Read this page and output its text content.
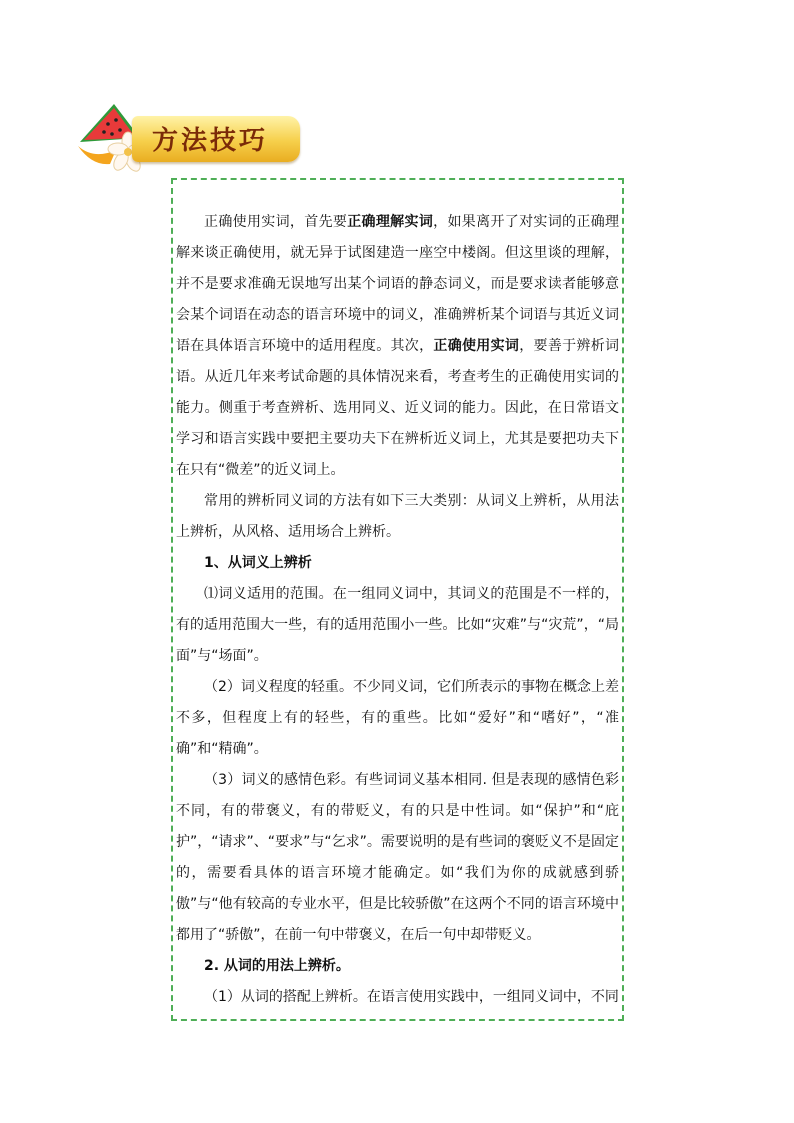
方法技巧

正确使用实词，首先要正确理解实词，如果离开了对实词的正确理解来谈正确使用，就无异于试图建造一座空中楼阁。但这里谈的理解，并不是要求准确无误地写出某个词语的静态词义，而是要求读者能够意会某个词语在动态的语言环境中的词义，准确辨析某个词语与其近义词语在具体语言环境中的适用程度。其次，正确使用实词，要善于辨析词语。从近几年来考试命题的具体情况来看，考查考生的正确使用实词的能力。侧重于考查辨析、选用同义、近义词的能力。因此，在日常语文学习和语言实践中要把主要功夫下在辨析近义词上，尤其是要把功夫下在只有“微差”的近义词上。

常用的辨析同义词的方法有如下三大类别：从词义上辨析，从用法上辨析，从风格、适用场合上辨析。

1、从词义上辨析

⑴词义适用的范围。在一组同义词中，其词义的范围是不一样的，有的适用范围大一些，有的适用范围小一些。比如“灾难”与“灾荒”，“局面”与“场面”。

（2）词义程度的轻重。不少同义词，它们所表示的事物在概念上差不多，但程度上有的轻些，有的重些。比如“爱好”和“嗜好”，“准确”和“精确”。

（3）词义的感情色彩。有些词词义基本相同. 但是表现的感情色彩不同，有的带褒义，有的带贬义，有的只是中性词。如“保护”和“庇护”，“请求”、“要求”与“乞求”。需要说明的是有些词的褒贬义不是固定的，需要看具体的语言环境才能确定。如“我们为你的成就感到骄傲”与“他有较高的专业水平，但是比较骄傲”在这两个不同的语言环境中都用了“骄傲”，在前一句中带褒义，在后一句中却带贬义。

2. 从词的用法上辨析。

（1）从词的搭配上辨析。在语言使用实践中，一组同义词中，不同
